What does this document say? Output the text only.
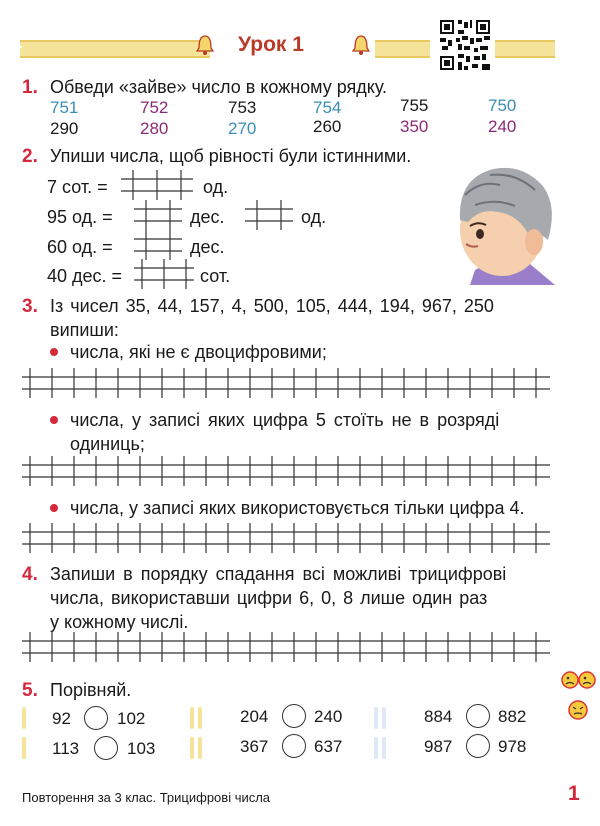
Урок 1
1. Обведи «зайве» число в кожному рядку.
751	752	753	754	755	750
290	280	270	260	350	240
2. Упиши числа, щоб рівності були істинними.
7 сот. =	од.
95 од. =	дес.	од.
60 од. =	дес.
40 дес. =	сот.
3. Із чисел 35, 44, 157, 4, 500, 105, 444, 194, 967, 250
випиши:
числа, які не є двоцифровими;
числа, у записі яких цифра 5 стоїть не в розряді
одиниць;
числа, у записі яких використовується тільки цифра 4.
4. Запиши в порядку спадання всі можливі трицифрові
числа, використавши цифри 6, 0, 8 лише один раз
у кожному числі.
5. Порівняй.
92	102	204	240	884	882
113	103	367	637	987	978
Повторення за 3 клас. Трицифрові числа	1
